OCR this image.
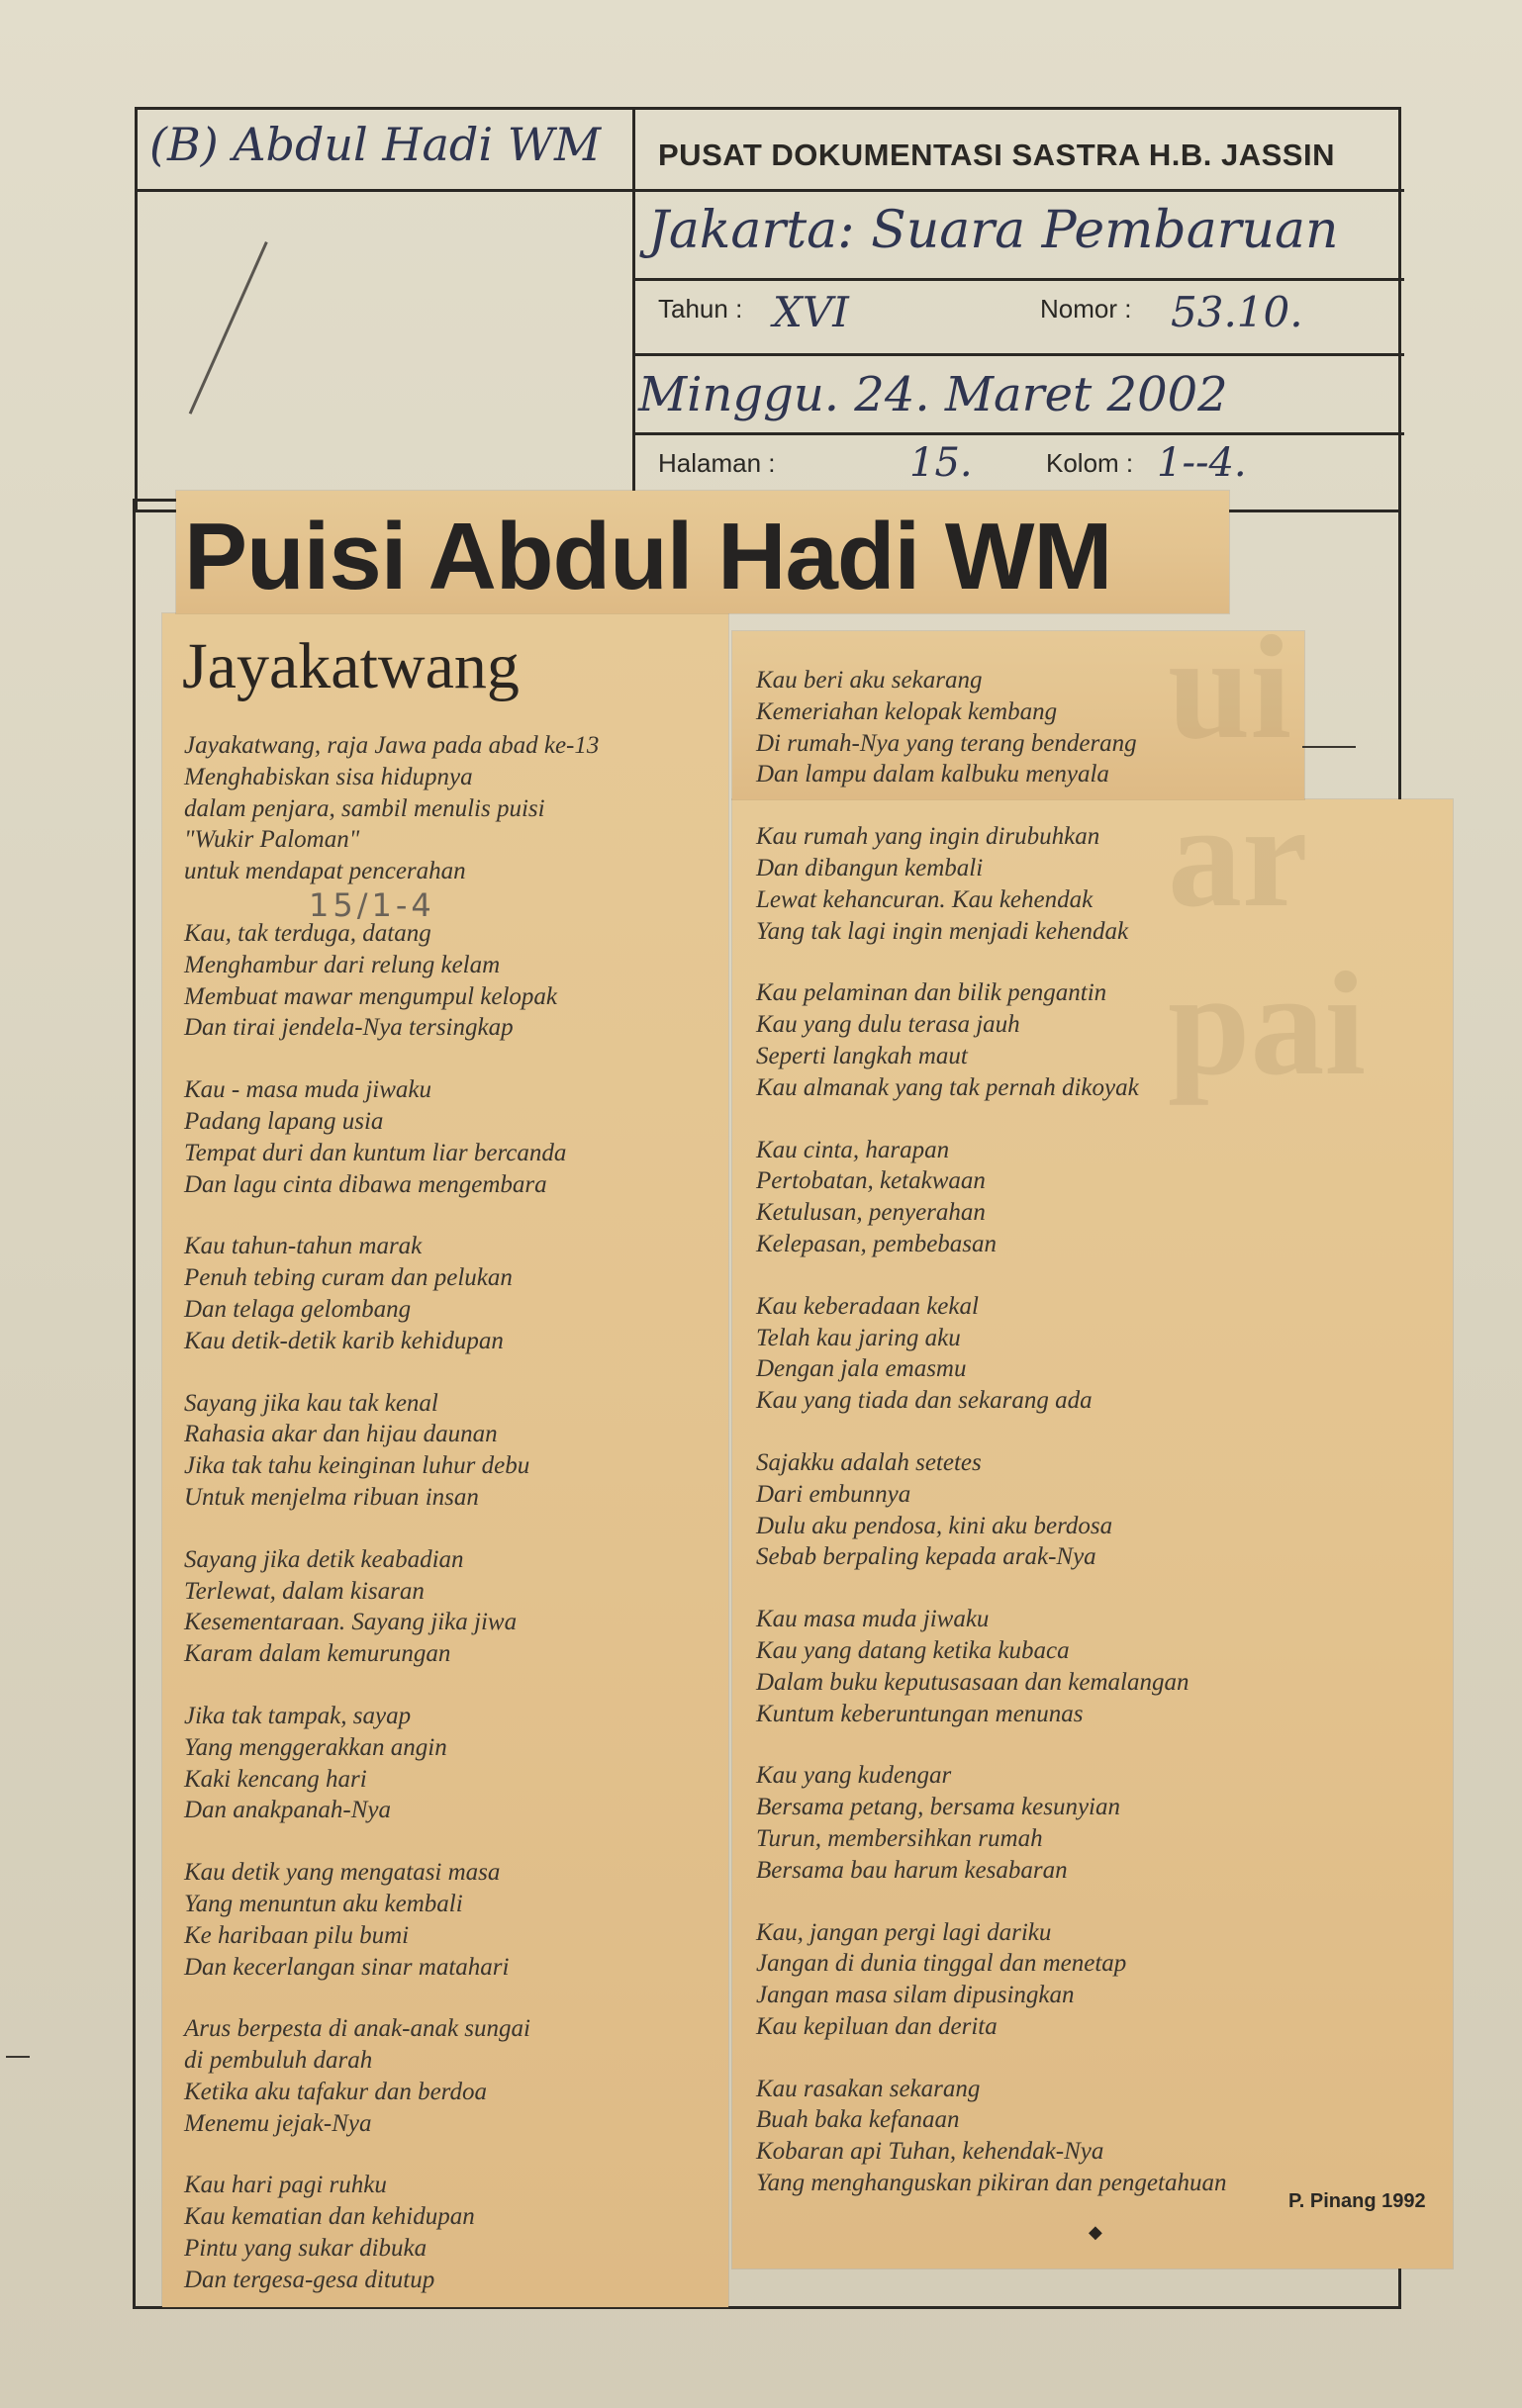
(B) Abdul Hadi WM PUSAT DOKUMENTASI SASTRA H.B. JASSIN
Jakarta: Suara Pembaruan
Tahun : XVI	Nomor : 53.10.
Minggu. 24. Maret 2002
Halaman :	15.	Kolom : 1--4.
ui
ar
pai
Puisi Abdul Hadi WM
Jayakatwang
Jayakatwang, raja Jawa pada abad ke-13
Menghabiskan sisa hidupnya
dalam penjara, sambil menulis puisi
"Wukir Paloman"
untuk mendapat pencerahan
Kau, tak terduga, datang
Menghambur dari relung kelam
Membuat mawar mengumpul kelopak
Dan tirai jendela-Nya tersingkap
Kau - masa muda jiwaku
Padang lapang usia
Tempat duri dan kuntum liar bercanda
Dan lagu cinta dibawa mengembara
Kau tahun-tahun marak
Penuh tebing curam dan pelukan
Dan telaga gelombang
Kau detik-detik karib kehidupan
Sayang jika kau tak kenal
Rahasia akar dan hijau daunan
Jika tak tahu keinginan luhur debu
Untuk menjelma ribuan insan
Sayang jika detik keabadian
Terlewat, dalam kisaran
Kesementaraan. Sayang jika jiwa
Karam dalam kemurungan
Jika tak tampak, sayap
Yang menggerakkan angin
Kaki kencang hari
Dan anakpanah-Nya
Kau detik yang mengatasi masa
Yang menuntun aku kembali
Ke haribaan pilu bumi
Dan kecerlangan sinar matahari
Arus berpesta di anak-anak sungai
di pembuluh darah
Ketika aku tafakur dan berdoa
Menemu jejak-Nya
Kau hari pagi ruhku
Kau kematian dan kehidupan
Pintu yang sukar dibuka
Dan tergesa-gesa ditutup
Kau beri aku sekarang
Kemeriahan kelopak kembang
Di rumah-Nya yang terang benderang
Dan lampu dalam kalbuku menyala
Kau rumah yang ingin dirubuhkan
Dan dibangun kembali
Lewat kehancuran. Kau kehendak
Yang tak lagi ingin menjadi kehendak
Kau pelaminan dan bilik pengantin
Kau yang dulu terasa jauh
Seperti langkah maut
Kau almanak yang tak pernah dikoyak
Kau cinta, harapan
Pertobatan, ketakwaan
Ketulusan, penyerahan
Kelepasan, pembebasan
Kau keberadaan kekal
Telah kau jaring aku
Dengan jala emasmu
Kau yang tiada dan sekarang ada
Sajakku adalah setetes
Dari embunnya
Dulu aku pendosa, kini aku berdosa
Sebab berpaling kepada arak-Nya
Kau masa muda jiwaku
Kau yang datang ketika kubaca
Dalam buku keputusasaan dan kemalangan
Kuntum keberuntungan menunas
Kau yang kudengar
Bersama petang, bersama kesunyian
Turun, membersihkan rumah
Bersama bau harum kesabaran
Kau, jangan pergi lagi dariku
Jangan di dunia tinggal dan menetap
Jangan masa silam dipusingkan
Kau kepiluan dan derita
Kau rasakan sekarang
Buah baka kefanaan
Kobaran api Tuhan, kehendak-Nya
Yang menghanguskan pikiran dan pengetahuan
15/1-4
P. Pinang 1992
◆
